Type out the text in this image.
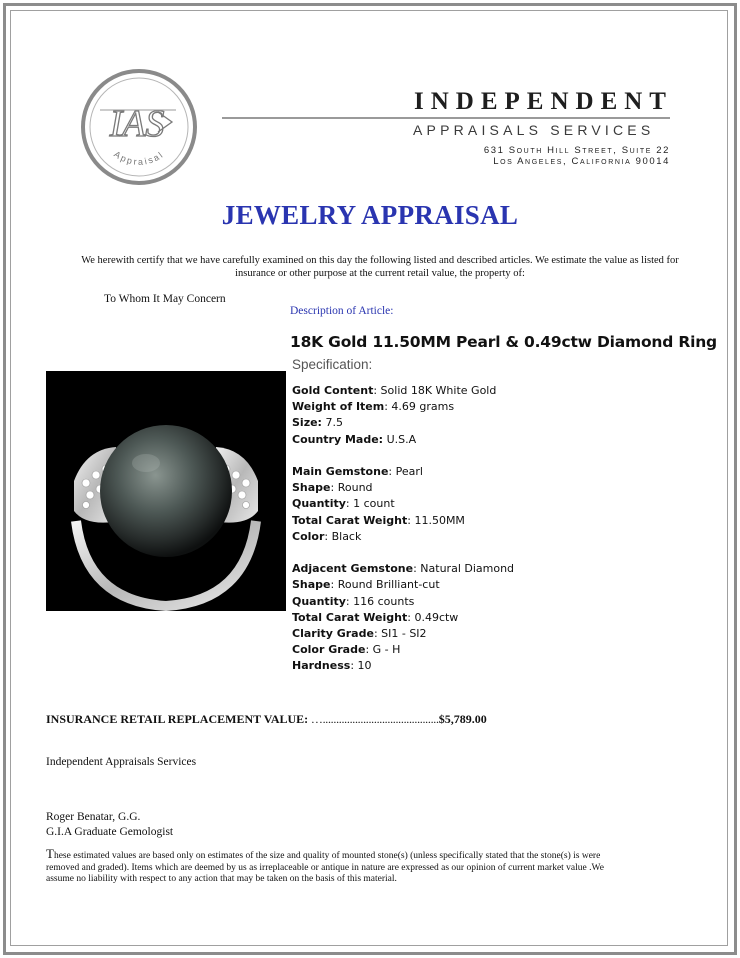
IAS
Appraisal
INDEPENDENT
APPRAISALS SERVICES
631 South Hill Street, Suite 22
Los Angeles, California 90014
JEWELRY APPRAISAL
We herewith certify that we have carefully examined on this day the following listed and described articles. We estimate the value as listed for insurance or other purpose at the current retail value, the property of:
To Whom It May Concern
Description of Article:
18K Gold 11.50MM Pearl & 0.49ctw Diamond Ring
Specification:
Gold Content: Solid 18K White Gold
Weight of Item: 4.69 grams
Size: 7.5
Country Made: U.S.A
Main Gemstone: Pearl
Shape: Round
Quantity: 1 count
Total Carat Weight: 11.50MM
Color: Black
Adjacent Gemstone: Natural Diamond
Shape: Round Brilliant-cut
Quantity: 116 counts
Total Carat Weight: 0.49ctw
Clarity Grade: SI1 - SI2
Color Grade: G - H
Hardness: 10
INSURANCE RETAIL REPLACEMENT VALUE: …...........................................$5,789.00
Independent Appraisals Services
Roger Benatar, G.G.
G.I.A Graduate Gemologist
These estimated values are based only on estimates of the size and quality of mounted stone(s) (unless specifically stated that the stone(s) is were removed and graded). Items which are deemed by us as irreplaceable or antique in nature are expressed as our opinion of current market value .We assume no liability with respect to any action that may be taken on the basis of this material.
